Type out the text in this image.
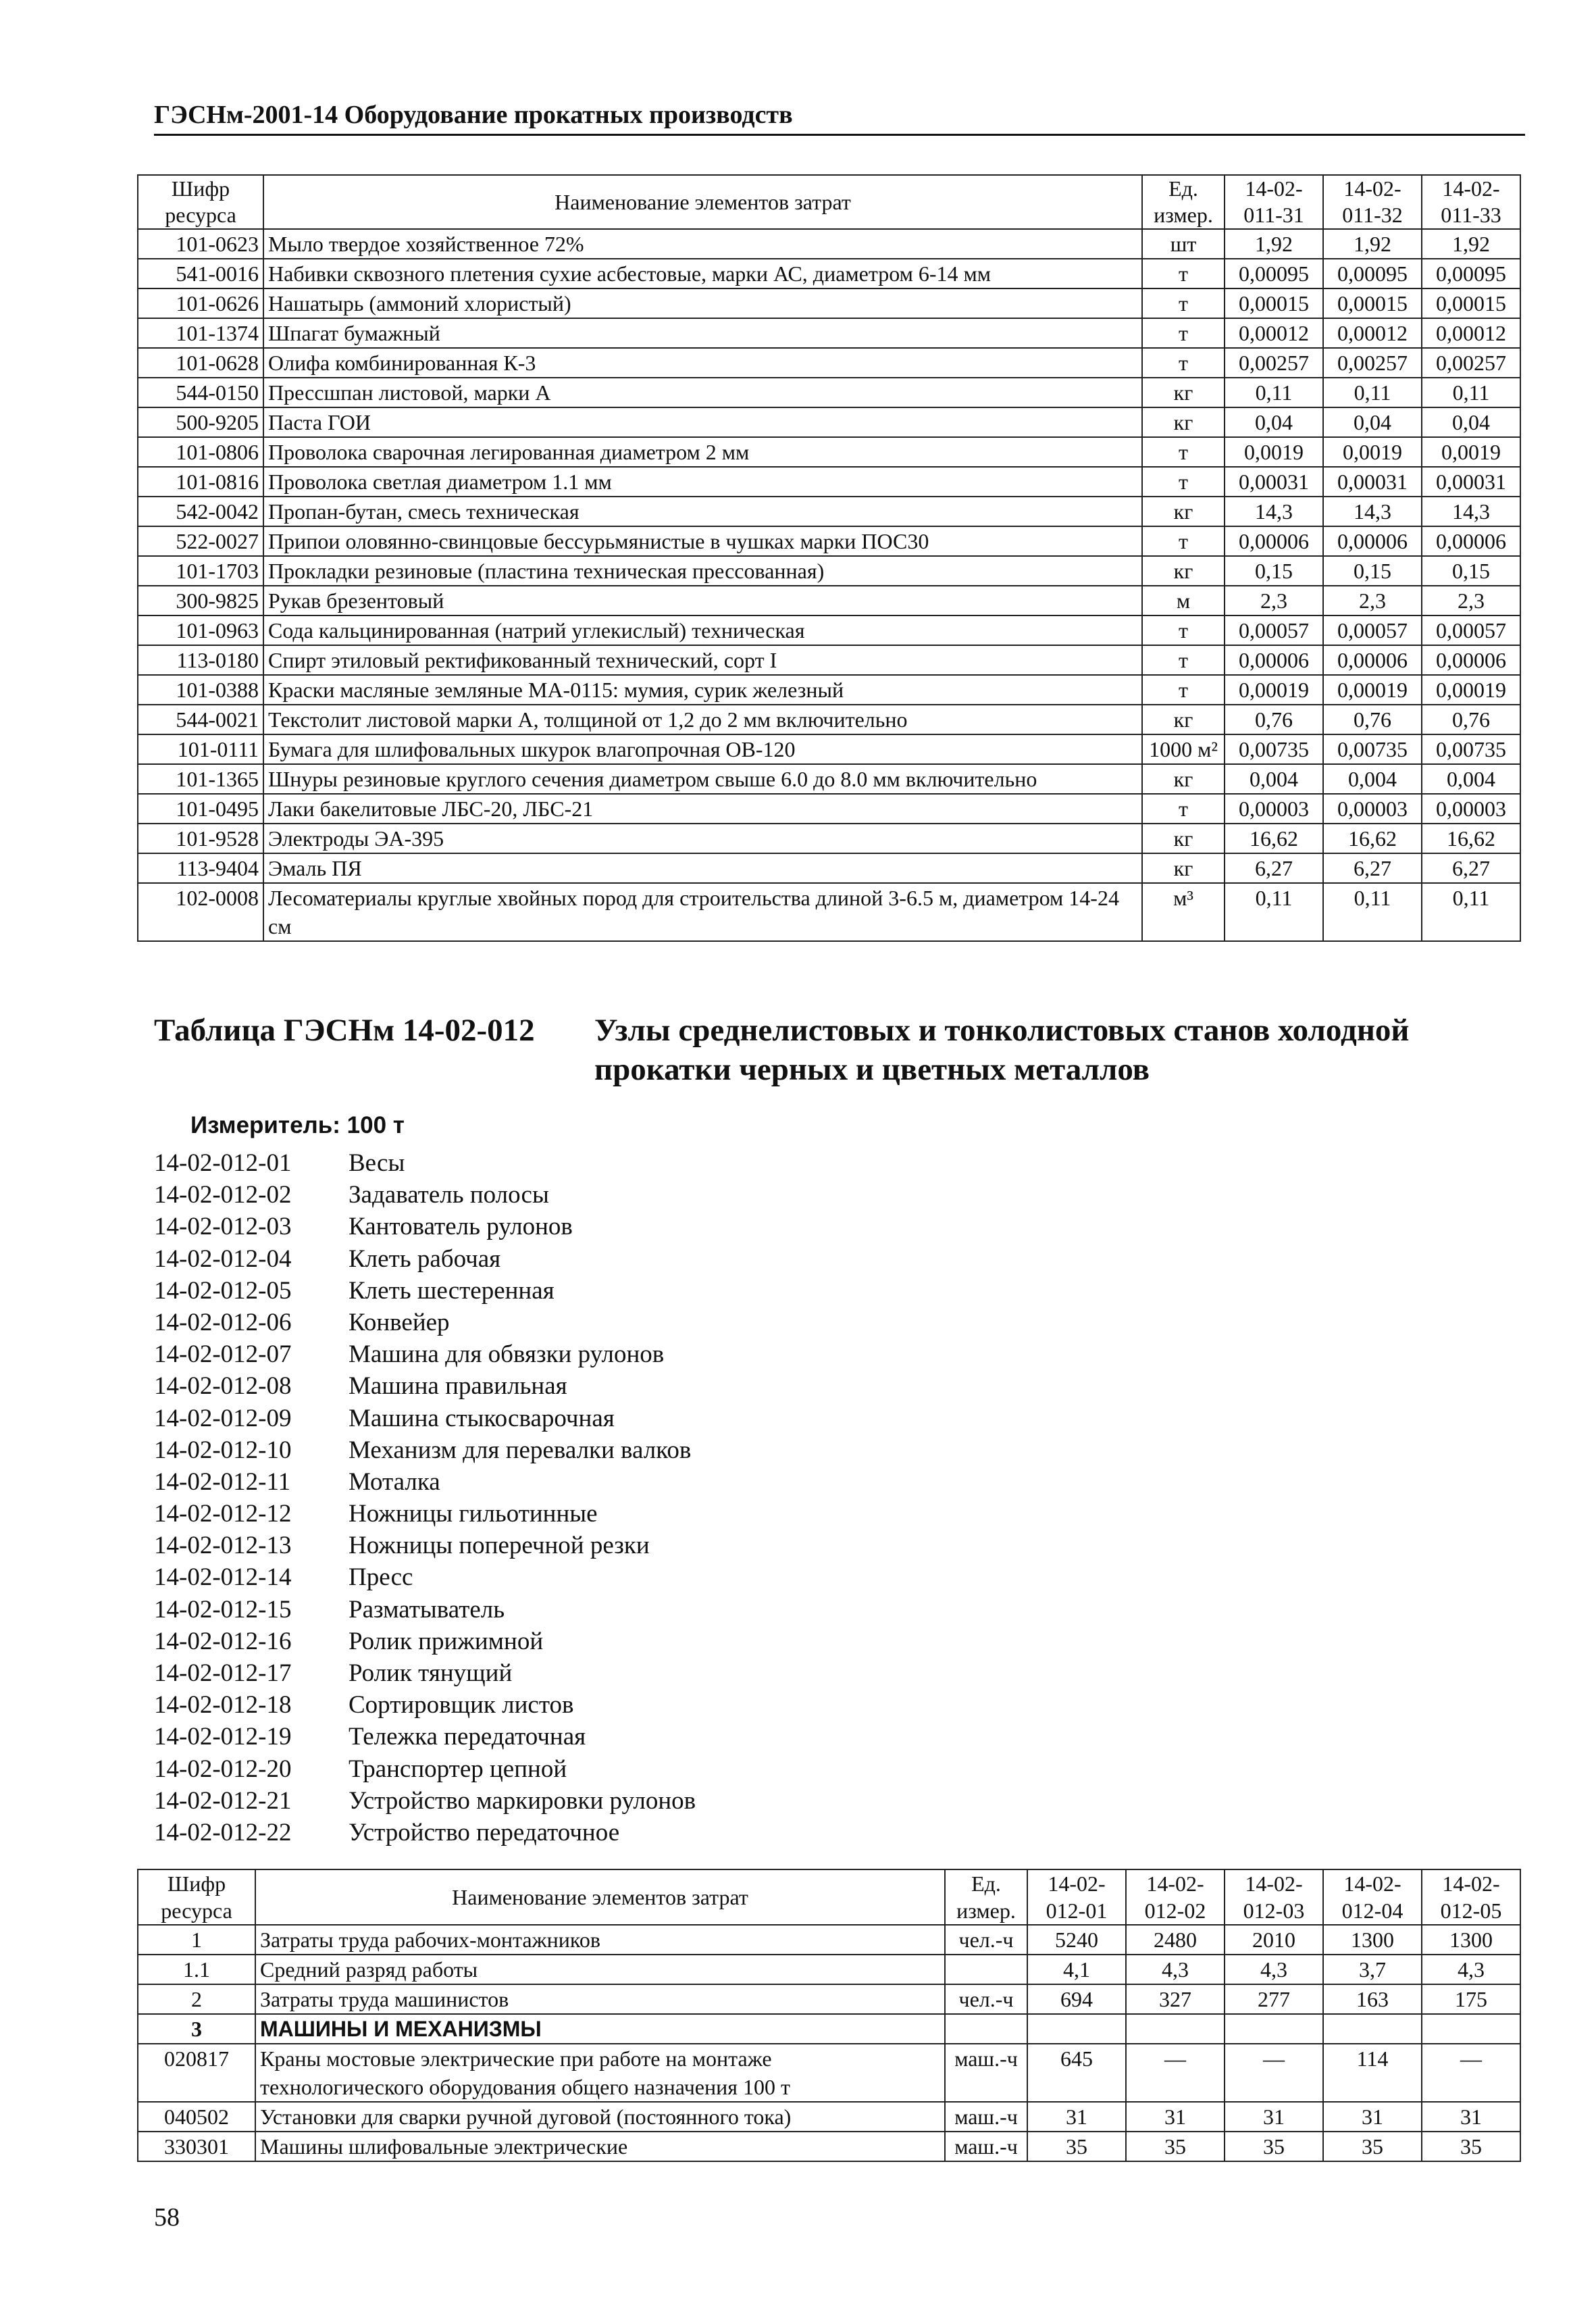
ГЭСНм-2001-14 Оборудование прокатных производств
Шифр ресурса	Наименование элементов затрат	Ед. измер.	14-02-011-31	14-02-011-32	14-02-011-33
101-0623	Мыло твердое хозяйственное 72%	шт	1,92	1,92	1,92
541-0016	Набивки сквозного плетения сухие асбестовые, марки АС, диаметром 6-14 мм	т	0,00095	0,00095	0,00095
101-0626	Нашатырь (аммоний хлористый)	т	0,00015	0,00015	0,00015
101-1374	Шпагат бумажный	т	0,00012	0,00012	0,00012
101-0628	Олифа комбинированная К-3	т	0,00257	0,00257	0,00257
544-0150	Прессшпан листовой, марки А	кг	0,11	0,11	0,11
500-9205	Паста ГОИ	кг	0,04	0,04	0,04
101-0806	Проволока сварочная легированная диаметром 2 мм	т	0,0019	0,0019	0,0019
101-0816	Проволока светлая диаметром 1.1 мм	т	0,00031	0,00031	0,00031
542-0042	Пропан-бутан, смесь техническая	кг	14,3	14,3	14,3
522-0027	Припои оловянно-свинцовые бессурьмянистые в чушках марки ПОС30	т	0,00006	0,00006	0,00006
101-1703	Прокладки резиновые (пластина техническая прессованная)	кг	0,15	0,15	0,15
300-9825	Рукав брезентовый	м	2,3	2,3	2,3
101-0963	Сода кальцинированная (натрий углекислый) техническая	т	0,00057	0,00057	0,00057
113-0180	Спирт этиловый ректификованный технический, сорт I	т	0,00006	0,00006	0,00006
101-0388	Краски масляные земляные МА-0115: мумия, сурик железный	т	0,00019	0,00019	0,00019
544-0021	Текстолит листовой марки А, толщиной от 1,2 до 2 мм включительно	кг	0,76	0,76	0,76
101-0111	Бумага для шлифовальных шкурок влагопрочная ОВ-120	1000 м²	0,00735	0,00735	0,00735
101-1365	Шнуры резиновые круглого сечения диаметром свыше 6.0 до 8.0 мм включительно	кг	0,004	0,004	0,004
101-0495	Лаки бакелитовые ЛБС-20, ЛБС-21	т	0,00003	0,00003	0,00003
101-9528	Электроды ЭА-395	кг	16,62	16,62	16,62
113-9404	Эмаль ПЯ	кг	6,27	6,27	6,27
102-0008	Лесоматериалы круглые хвойных пород для строительства длиной 3-6.5 м, диаметром 14-24 см	м³	0,11	0,11	0,11
Таблица ГЭСНм 14-02-012 Узлы среднелистовых и тонколистовых станов холодной прокатки черных и цветных металлов
Измеритель: 100 т
14-02-012-01	Весы
14-02-012-02	Задаватель полосы
14-02-012-03	Кантователь рулонов
14-02-012-04	Клеть рабочая
14-02-012-05	Клеть шестеренная
14-02-012-06	Конвейер
14-02-012-07	Машина для обвязки рулонов
14-02-012-08	Машина правильная
14-02-012-09	Машина стыкосварочная
14-02-012-10	Механизм для перевалки валков
14-02-012-11	Моталка
14-02-012-12	Ножницы гильотинные
14-02-012-13	Ножницы поперечной резки
14-02-012-14	Пресс
14-02-012-15	Разматыватель
14-02-012-16	Ролик прижимной
14-02-012-17	Ролик тянущий
14-02-012-18	Сортировщик листов
14-02-012-19	Тележка передаточная
14-02-012-20	Транспортер цепной
14-02-012-21	Устройство маркировки рулонов
14-02-012-22	Устройство передаточное
Шифр ресурса	Наименование элементов затрат	Ед. измер.	14-02-012-01	14-02-012-02	14-02-012-03	14-02-012-04	14-02-012-05
1	Затраты труда рабочих-монтажников	чел.-ч	5240	2480	2010	1300	1300
1.1	Средний разряд работы		4,1	4,3	4,3	3,7	4,3
2	Затраты труда машинистов	чел.-ч	694	327	277	163	175
3	МАШИНЫ И МЕХАНИЗМЫ						
020817	Краны мостовые электрические при работе на монтаже технологического оборудования общего назначения 100 т	маш.-ч	645	—	—	114	—
040502	Установки для сварки ручной дуговой (постоянного тока)	маш.-ч	31	31	31	31	31
330301	Машины шлифовальные электрические	маш.-ч	35	35	35	35	35
58
